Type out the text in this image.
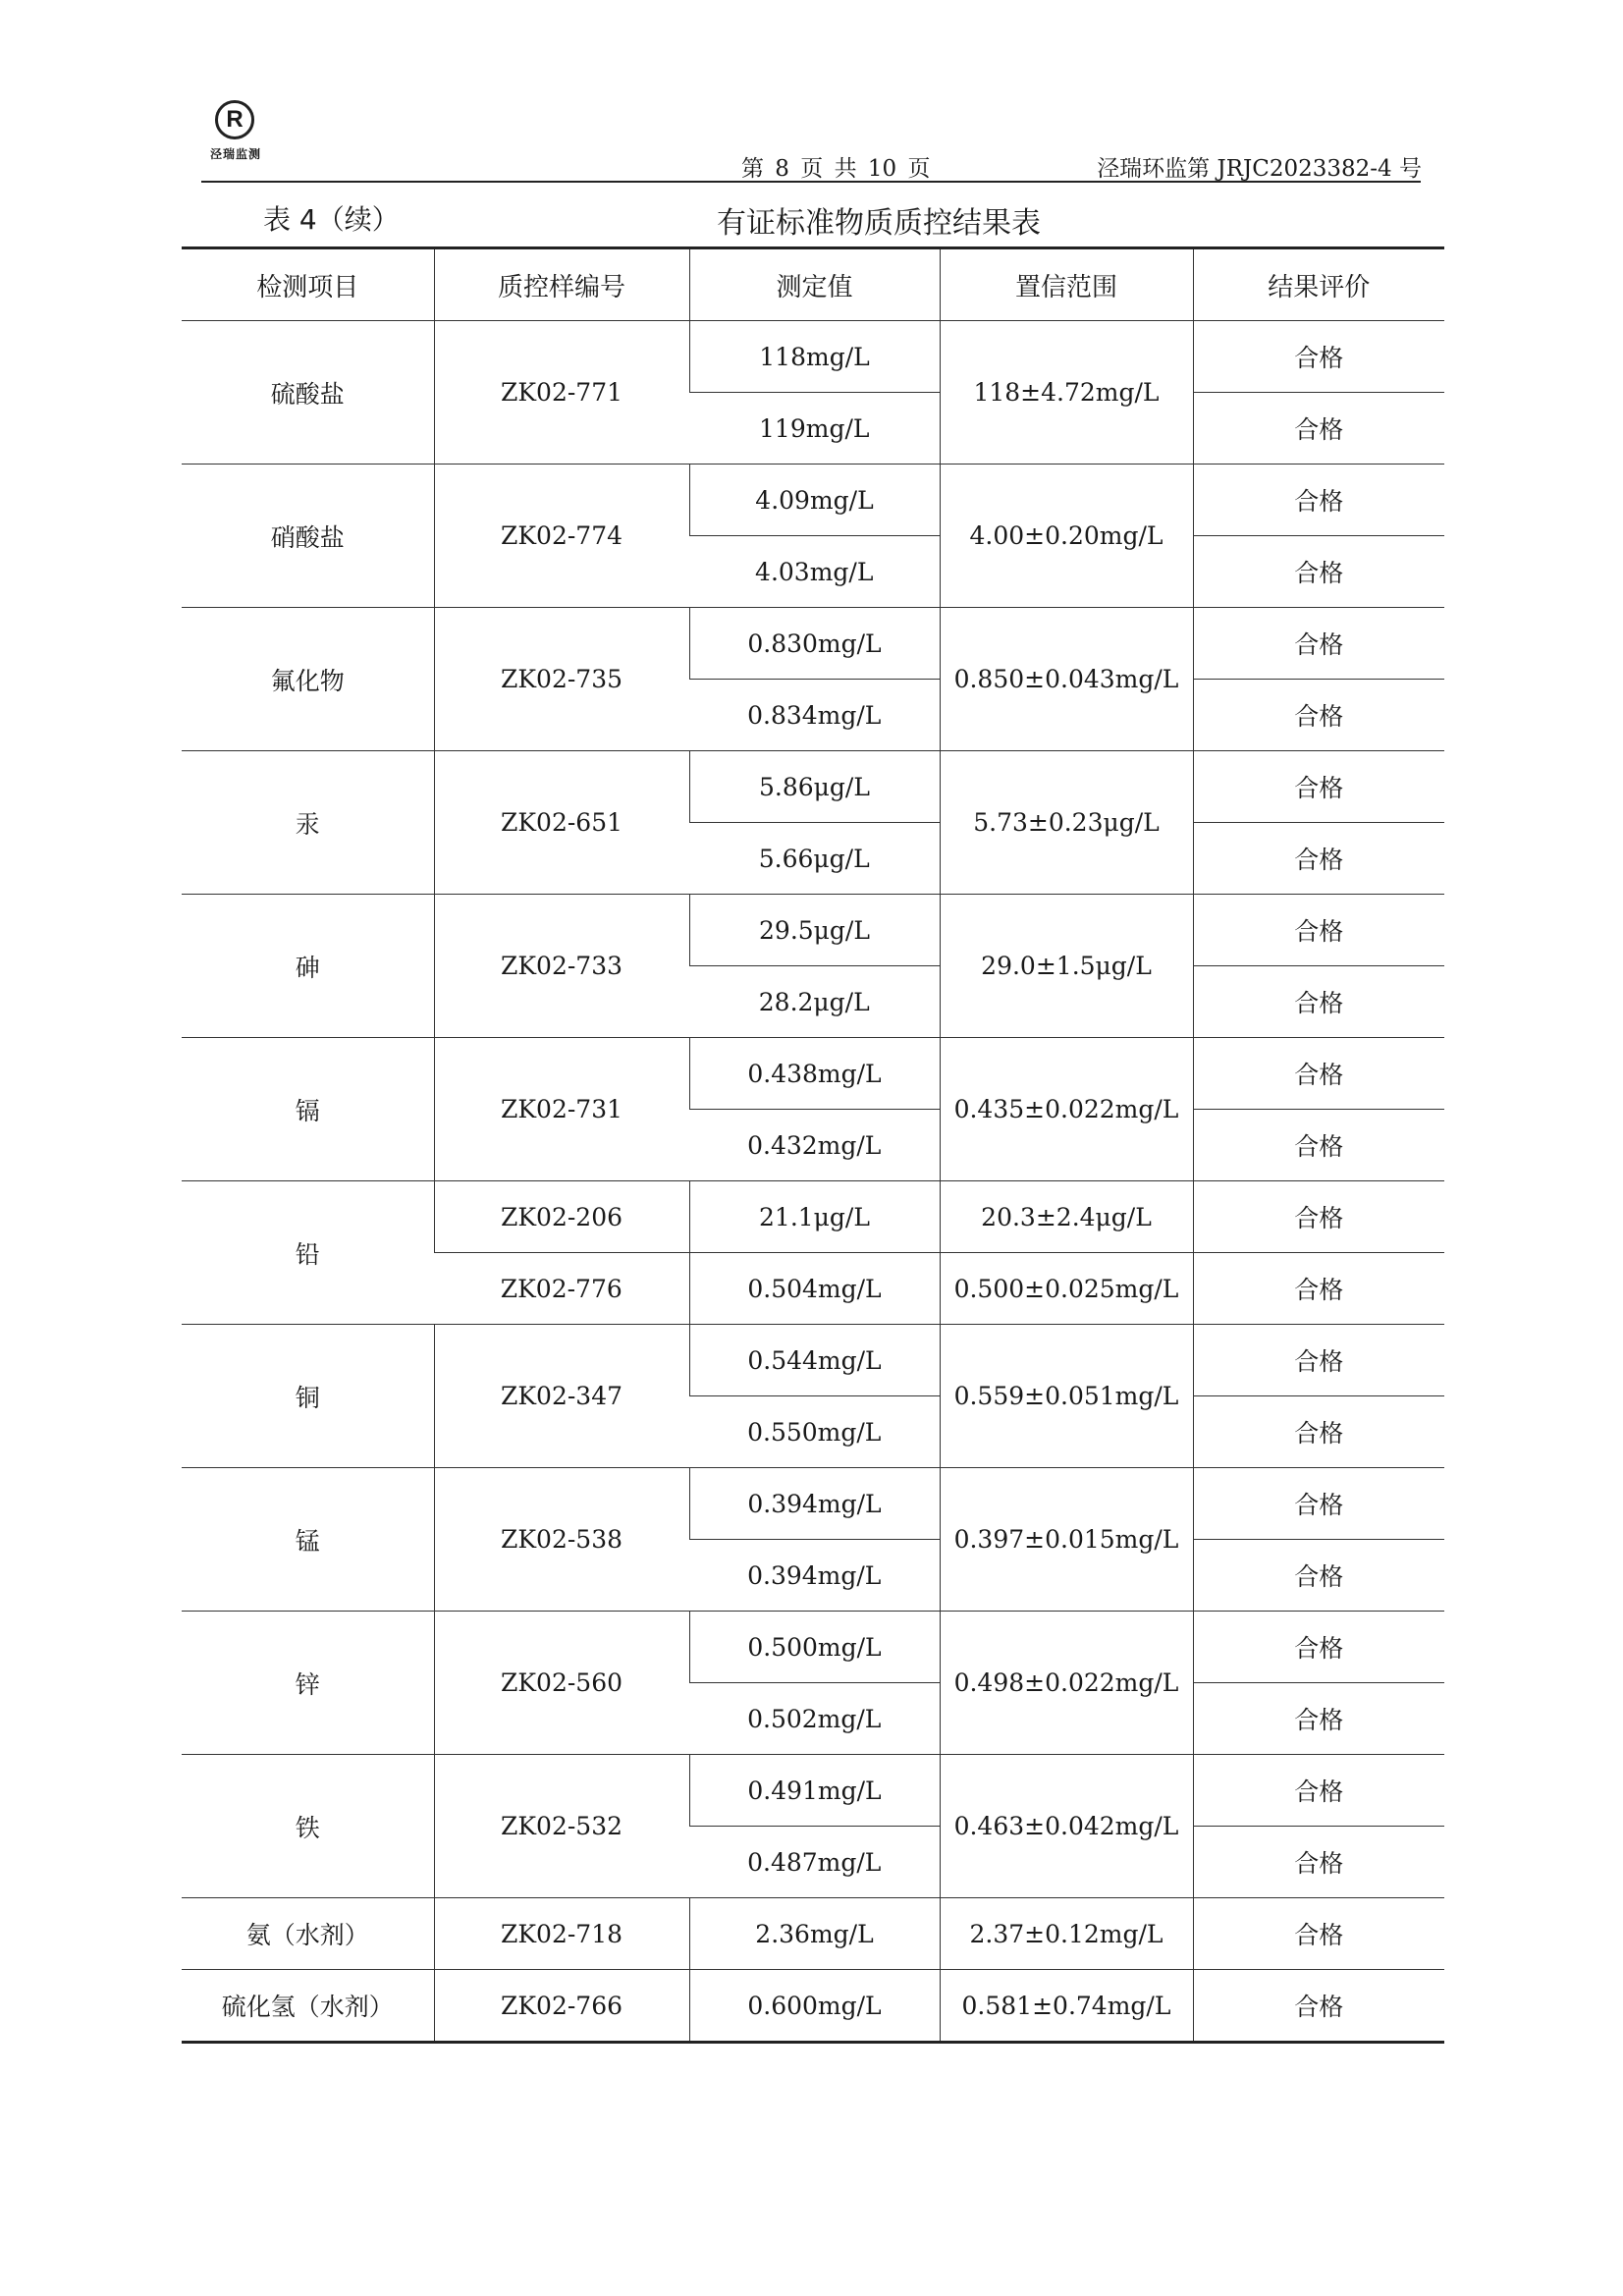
R
泾瑞监测
第 8 页 共 10 页	泾瑞环监第 JRJC2023382-4 号
表 4（续）	有证标准物质质控结果表
检测项目	质控样编号	测定值	置信范围	结果评价
硫酸盐	ZK02-771	118mg/L	118±4.72mg/L	合格
		119mg/L		合格
硝酸盐	ZK02-774	4.09mg/L	4.00±0.20mg/L	合格
		4.03mg/L		合格
氟化物	ZK02-735	0.830mg/L	0.850±0.043mg/L	合格
		0.834mg/L		合格
汞	ZK02-651	5.86μg/L	5.73±0.23μg/L	合格
		5.66μg/L		合格
砷	ZK02-733	29.5μg/L	29.0±1.5μg/L	合格
		28.2μg/L		合格
镉	ZK02-731	0.438mg/L	0.435±0.022mg/L	合格
		0.432mg/L		合格
铅	ZK02-206	21.1μg/L	20.3±2.4μg/L	合格
	ZK02-776	0.504mg/L	0.500±0.025mg/L	合格
铜	ZK02-347	0.544mg/L	0.559±0.051mg/L	合格
		0.550mg/L		合格
锰	ZK02-538	0.394mg/L	0.397±0.015mg/L	合格
		0.394mg/L		合格
锌	ZK02-560	0.500mg/L	0.498±0.022mg/L	合格
		0.502mg/L		合格
铁	ZK02-532	0.491mg/L	0.463±0.042mg/L	合格
		0.487mg/L		合格
氨（水剂）	ZK02-718	2.36mg/L	2.37±0.12mg/L	合格
硫化氢（水剂）	ZK02-766	0.600mg/L	0.581±0.74mg/L	合格
